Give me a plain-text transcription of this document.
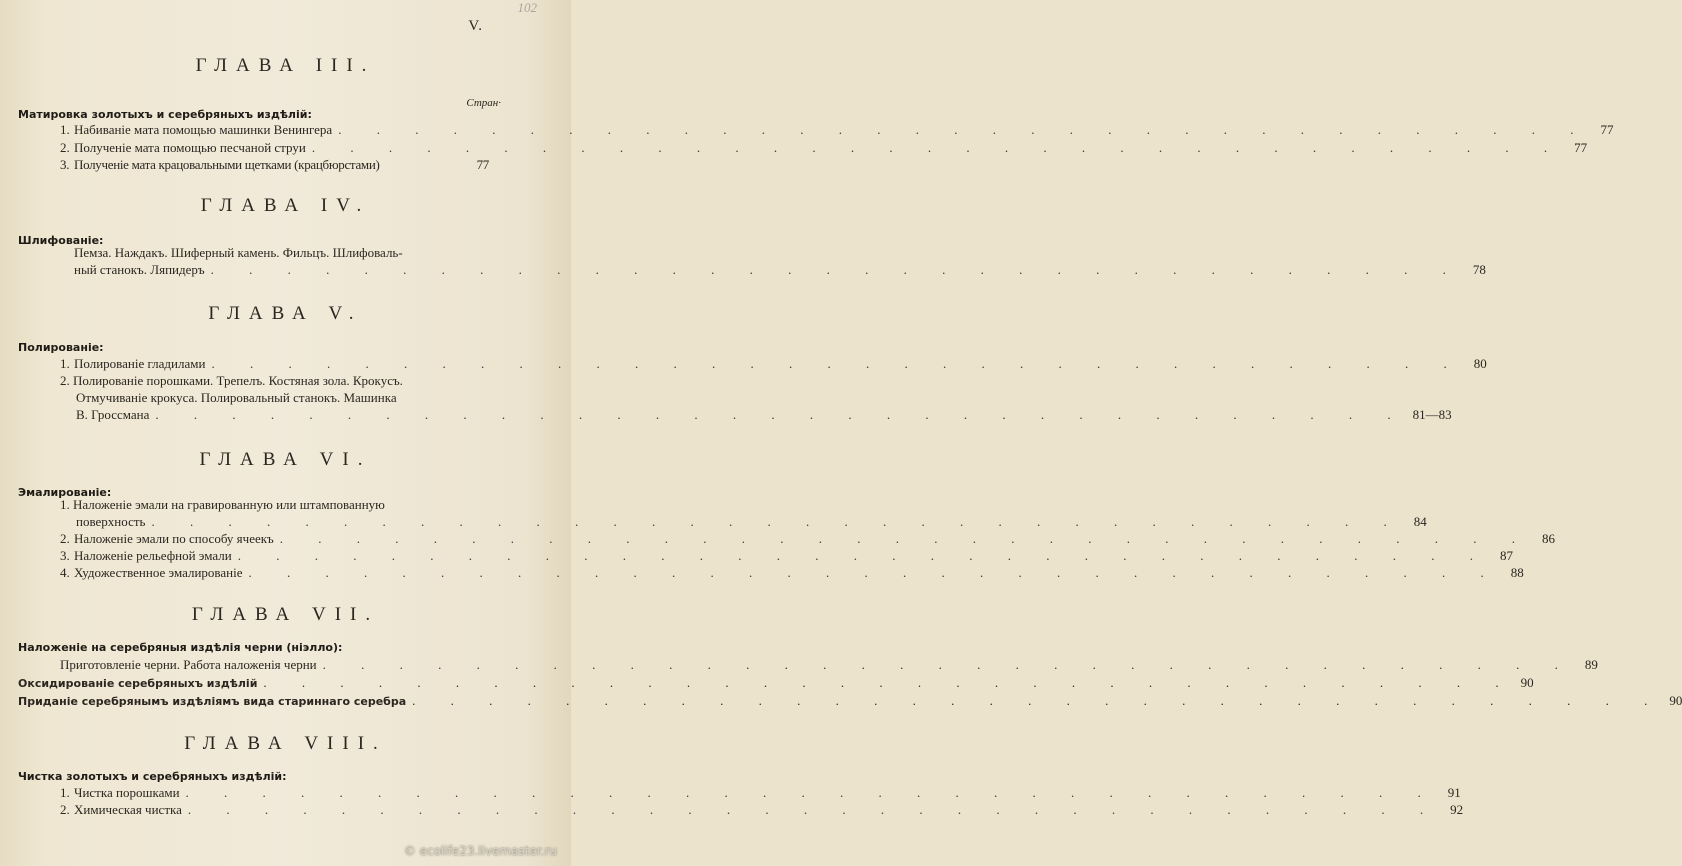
102
V.
ГЛАВА III.
Стран·
Матировка золотыхъ и серебряныхъ издѣлій:
1. Набиваніе мата помощью машинки Венингера . . . . . . . . . . . . . . . . . . . . . . . . . . . . . . . . . 77
2. Полученіе мата помощью песчаной струи . . . . . . . . . . . . . . . . . . . . . . . . . . . . . . . . . 77
3. Полученіе мата крацовальными щетками (крацбюрстами)	77
ГЛАВА IV.
Шлифованіе:
Пемза. Наждакъ. Шиферный камень. Фильцъ. Шлифоваль-
ный станокъ. Ляпидеръ . . . . . . . . . . . . . . . . . . . . . . . . . . . . . . . . . 78
ГЛАВА V.
Полированіе:
1. Полированіе гладилами . . . . . . . . . . . . . . . . . . . . . . . . . . . . . . . . . 80
2. Полированіе порошками. Трепелъ. Костяная зола. Крокусъ.
Отмучиваніе крокуса. Полировальный станокъ. Машинка
В. Гроссмана . . . . . . . . . . . . . . . . . . . . . . . . . . . . . . . . . 81—83
ГЛАВА VI.
Эмалированіе:
1. Наложеніе эмали на гравированную или штампованную
поверхность . . . . . . . . . . . . . . . . . . . . . . . . . . . . . . . . . 84
2. Наложеніе эмали по способу ячеекъ . . . . . . . . . . . . . . . . . . . . . . . . . . . . . . . . . 86
3. Наложеніе рельефной эмали . . . . . . . . . . . . . . . . . . . . . . . . . . . . . . . . . 87
4. Художественное эмалированіе . . . . . . . . . . . . . . . . . . . . . . . . . . . . . . . . . 88
ГЛАВА VII.
Наложеніе на серебряныя издѣлія черни (ніэлло):
Приготовленіе черни. Работа наложенія черни . . . . . . . . . . . . . . . . . . . . . . . . . . . . . . . . . 89
Оксидированіе серебряныхъ издѣлій . . . . . . . . . . . . . . . . . . . . . . . . . . . . . . . . . 90
Приданіе серебрянымъ издѣліямъ вида стариннаго серебра . . . . . . . . . . . . . . . . . . . . . . . . . . . . . . . . . 90
ГЛАВА VIII.
Чистка золотыхъ и серебряныхъ издѣлій:
1. Чистка порошками . . . . . . . . . . . . . . . . . . . . . . . . . . . . . . . . . 91
2. Химическая чистка . . . . . . . . . . . . . . . . . . . . . . . . . . . . . . . . . 92
© ecolife23.livemaster.ru
